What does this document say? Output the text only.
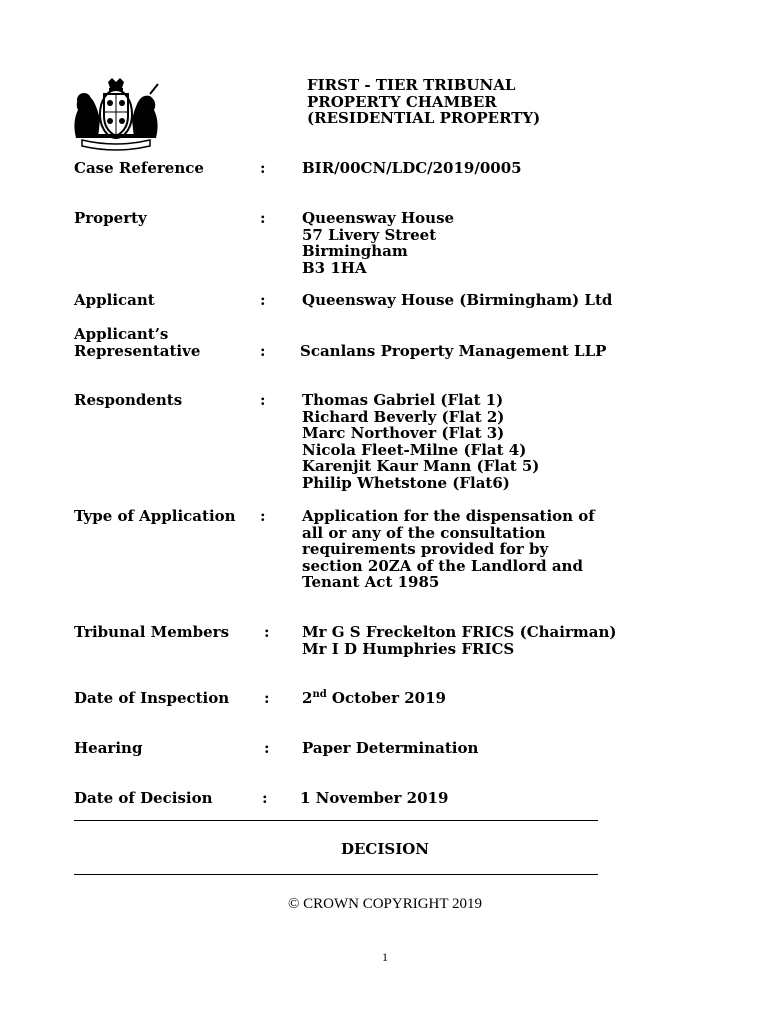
FIRST - TIER TRIBUNAL
PROPERTY CHAMBER
(RESIDENTIAL PROPERTY)
Case Reference	: BIR/00CN/LDC/2019/0005
Property	: Queensway House
57 Livery Street
Birmingham
B3 1HA
Applicant	: Queensway House (Birmingham) Ltd
Applicant’s
Representative	: Scanlans Property Management LLP
Respondents	: Thomas Gabriel (Flat 1)
Richard Beverly (Flat 2)
Marc Northover (Flat 3)
Nicola Fleet-Milne (Flat 4)
Karenjit Kaur Mann (Flat 5)
Philip Whetstone (Flat6)
Type of Application	: Application for the dispensation of all or any of the consultation requirements provided for by section 20ZA of the Landlord and Tenant Act 1985
Tribunal Members	: Mr G S Freckelton FRICS (Chairman)
Mr I D Humphries FRICS
Date of Inspection	: 2nd October 2019
Hearing	: Paper Determination
Date of Decision	: 1 November 2019
DECISION
© CROWN COPYRIGHT 2019
1
